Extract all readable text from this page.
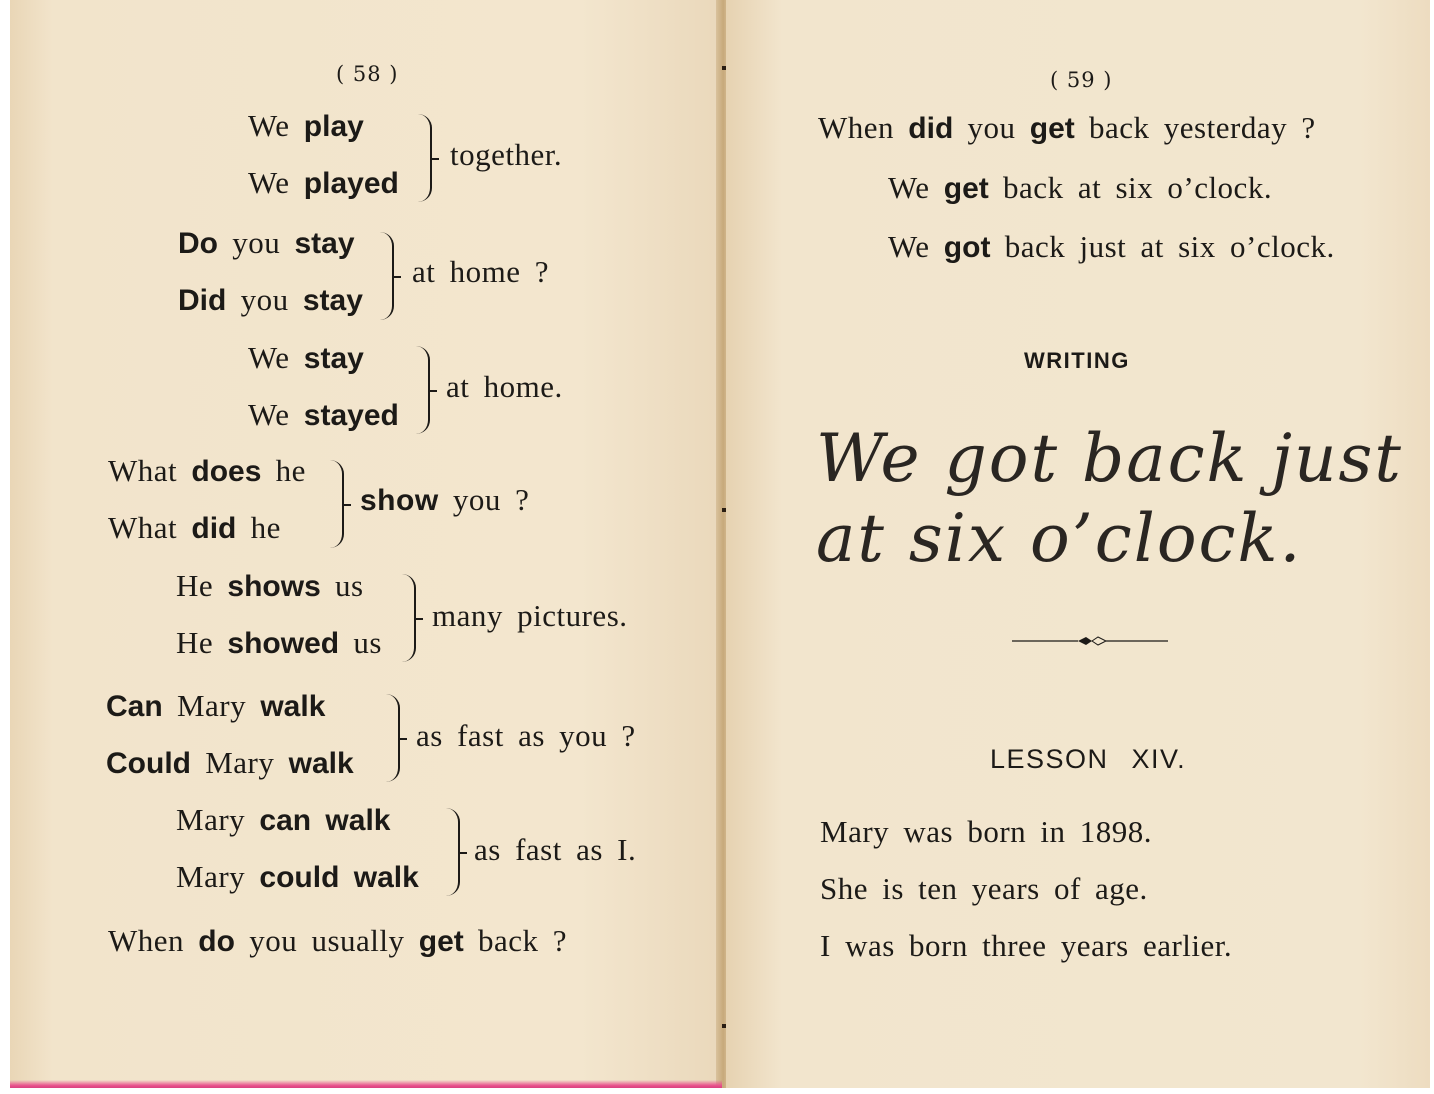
( 58 )
We play
We played
together.
Do you stay
Did you stay
at home ?
We stay
We stayed
at home.
What does he
What did he
show you ?
He shows us
He showed us
many pictures.
Can Mary walk
Could Mary walk
as fast as you ?
Mary can walk
Mary could walk
as fast as I.
When do you usually get back ?
( 59 )
When did you get back yesterday ?
We get back at six o’clock.
We got back just at six o’clock.
WRITING
We got back just
at six o’clock.
LESSON XIV.
Mary was born in 1898.
She is ten years of age.
I was born three years earlier.
